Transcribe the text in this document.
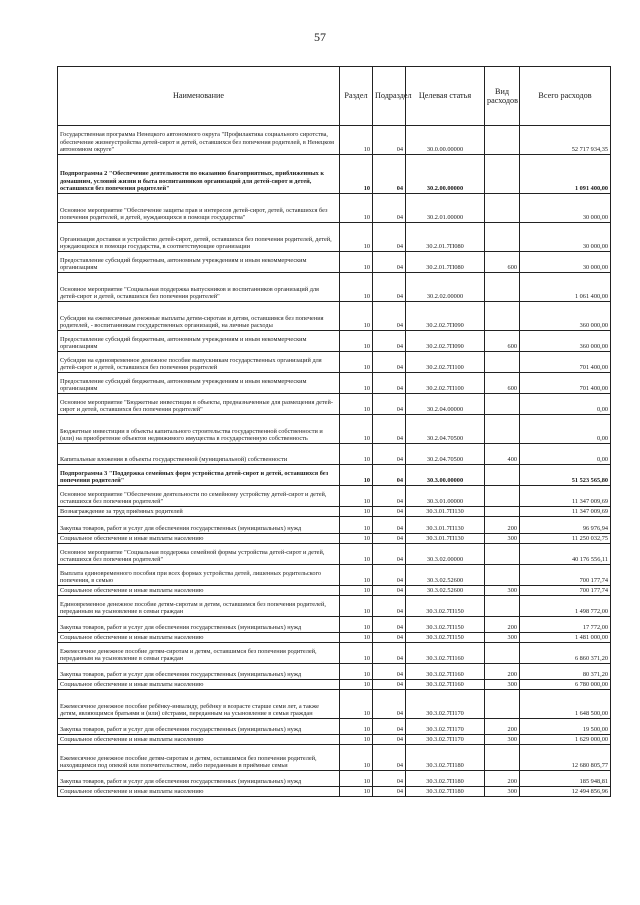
57
Наименование	Раздел	Подраздел	Целевая статья	Вид расходов	Всего расходов
Государственная программа Ненецкого автономного округа "Профилактика социального сиротства, обеспечение жизнеустройства детей-сирот и детей, оставшихся без попечения родителей, в Ненецком автономном округе"	10	04	30.0.00.00000		52 717 934,35
Подпрограмма 2 "Обеспечение деятельности по оказанию благоприятных, приближенных к домашним, условий жизни и быта воспитанников организаций для детей-сирот и детей, оставшихся без попечения родителей"	10	04	30.2.00.00000		1 091 400,00
Основное мероприятие "Обеспечение защиты прав и интересов детей-сирот, детей, оставшихся без попечения родителей, и детей, нуждающихся в помощи государства"	10	04	30.2.01.00000		30 000,00
Организация доставки и устройство детей-сирот, детей, оставшихся без попечения родителей, детей, нуждающихся в помощи государства, в соответствующие организации	10	04	30.2.01.7П080		30 000,00
Предоставление субсидий бюджетным, автономным учреждениям и иным некоммерческим организациям	10	04	30.2.01.7П080	600	30 000,00
Основное мероприятие "Социальная поддержка выпускников и воспитанников организаций для детей-сирот и детей, оставшихся без попечения родителей"	10	04	30.2.02.00000		1 061 400,00
Субсидия на ежемесячные денежные выплаты детям-сиротам и детям, оставшимся без попечения родителей, - воспитанникам государственных организаций, на личные расходы	10	04	30.2.02.7П090		360 000,00
Предоставление субсидий бюджетным, автономным учреждениям и иным некоммерческим организациям	10	04	30.2.02.7П090	600	360 000,00
Субсидия на единовременное денежное пособие выпускникам государственных организаций для детей-сирот и детей, оставшихся без попечения родителей	10	04	30.2.02.7П100		701 400,00
Предоставление субсидий бюджетным, автономным учреждениям и иным некоммерческим организациям	10	04	30.2.02.7П100	600	701 400,00
Основное мероприятие "Бюджетные инвестиции в объекты, предназначенные для размещения детей-сирот и детей, оставшихся без попечения родителей"	10	04	30.2.04.00000		0,00
Бюджетные инвестиции в объекты капитального строительства государственной собственности и (или) на приобретение объектов недвижимого имущества в государственную собственность	10	04	30.2.04.70500		0,00
Капитальные вложения в объекты государственной (муниципальной) собственности	10	04	30.2.04.70500	400	0,00
Подпрограмма 3 "Поддержка семейных форм устройства детей-сирот и детей, оставшихся без попечения родителей"	10	04	30.3.00.00000		51 523 565,80
Основное мероприятие "Обеспечение деятельности по семейному устройству детей-сирот и детей, оставшихся без попечения родителей"	10	04	30.3.01.00000		11 347 009,69
Вознаграждение за труд приёмных родителей	10	04	30.3.01.7П130		11 347 009,69
Закупка товаров, работ и услуг для обеспечения государственных (муниципальных) нужд	10	04	30.3.01.7П130	200	96 976,94
Социальное обеспечение и иные выплаты населению	10	04	30.3.01.7П130	300	11 250 032,75
Основное мероприятие "Социальная поддержка семейной формы устройства детей-сирот и детей, оставшихся без попечения родителей"	10	04	30.3.02.00000		40 176 556,11
Выплата единовременного пособия при всех формах устройства детей, лишенных родительского попечения, в семью	10	04	30.3.02.52600		700 177,74
Социальное обеспечение и иные выплаты населению	10	04	30.3.02.52600	300	700 177,74
Единовременное денежное пособие детям-сиротам и детям, оставшимся без попечения родителей, переданным на усыновление в семьи граждан	10	04	30.3.02.7П150		1 498 772,00
Закупка товаров, работ и услуг для обеспечения государственных (муниципальных) нужд	10	04	30.3.02.7П150	200	17 772,00
Социальное обеспечение и иные выплаты населению	10	04	30.3.02.7П150	300	1 481 000,00
Ежемесячное денежное пособие детям-сиротам и детям, оставшимся без попечения родителей, переданным на усыновление в семьи граждан	10	04	30.3.02.7П160		6 860 371,20
Закупка товаров, работ и услуг для обеспечения государственных (муниципальных) нужд	10	04	30.3.02.7П160	200	80 371,20
Социальное обеспечение и иные выплаты населению	10	04	30.3.02.7П160	300	6 780 000,00
Ежемесячное денежное пособие ребёнку-инвалиду, ребёнку в возрасте старше семи лет, а также детям, являющимся братьями и (или) сёстрами, переданным на усыновление в семьи граждан	10	04	30.3.02.7П170		1 648 500,00
Закупка товаров, работ и услуг для обеспечения государственных (муниципальных) нужд	10	04	30.3.02.7П170	200	19 500,00
Социальное обеспечение и иные выплаты населению	10	04	30.3.02.7П170	300	1 629 000,00
Ежемесячное денежное пособие детям-сиротам и детям, оставшимся без попечения родителей, находящимся под опекой или попечительством, либо переданным в приёмные семьи	10	04	30.3.02.7П180		12 680 805,77
Закупка товаров, работ и услуг для обеспечения государственных (муниципальных) нужд	10	04	30.3.02.7П180	200	185 948,81
Социальное обеспечение и иные выплаты населению	10	04	30.3.02.7П180	300	12 494 856,96
